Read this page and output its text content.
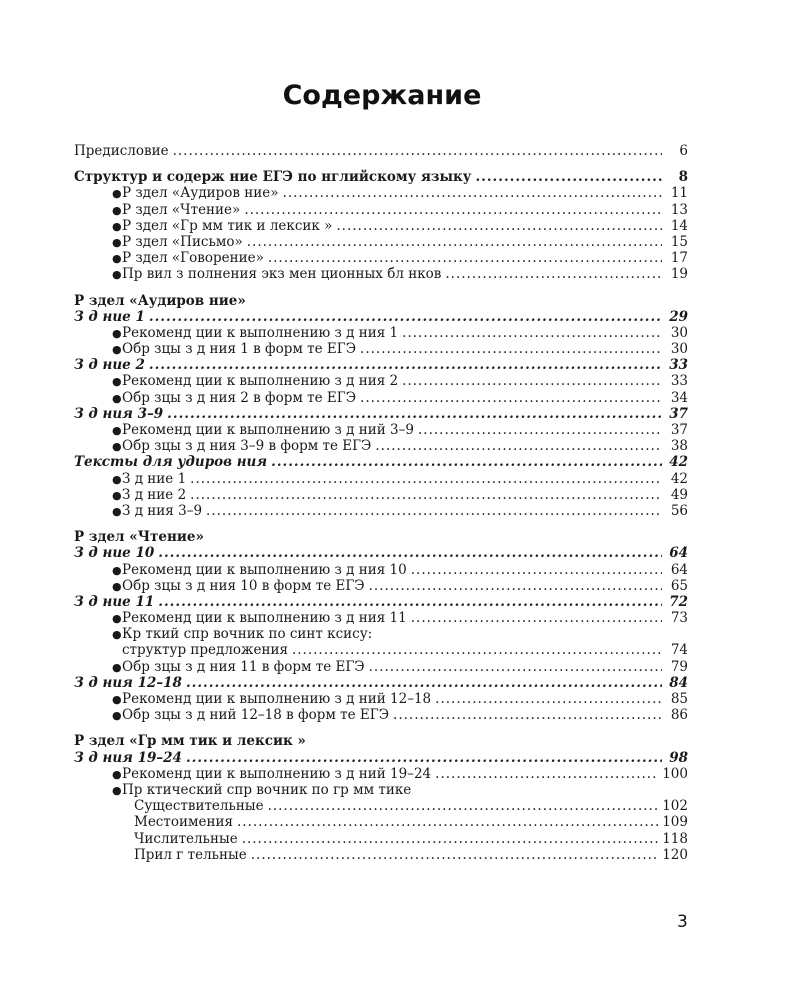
Содержание
Предисловие .....	6
Структур и содерж ние ЕГЭ по нглийскому языку .....	8
●Р здел «Аудиров ние» .....	11
●Р здел «Чтение» .....	13
●Р здел «Гр мм тик и лексик » .....	14
●Р здел «Письмо» .....	15
●Р здел «Говорение» .....	17
●Пр вил з полнения экз мен ционных бл нков .....	19
Р здел «Аудиров ние»
З д ние 1 .....	29
●Рекоменд ции к выполнению з д ния 1 .....	30
●Обр зцы з д ния 1 в форм те ЕГЭ .....	30
З д ние 2 .....	33
●Рекоменд ции к выполнению з д ния 2 .....	33
●Обр зцы з д ния 2 в форм те ЕГЭ .....	34
З д ния 3–9 .....	37
●Рекоменд ции к выполнению з д ний 3–9 .....	37
●Обр зцы з д ния 3–9 в форм те ЕГЭ .....	38
Тексты для удиров ния .....	42
●З д ние 1 .....	42
●З д ние 2 .....	49
●З д ния 3–9 .....	56
Р здел «Чтение»
З д ние 10 .....	64
●Рекоменд ции к выполнению з д ния 10 .....	64
●Обр зцы з д ния 10 в форм те ЕГЭ .....	65
З д ние 11 .....	72
●Рекоменд ции к выполнению з д ния 11 .....	73
●Кр ткий спр вочник по синт ксису:
структур предложения .....	74
●Обр зцы з д ния 11 в форм те ЕГЭ .....	79
З д ния 12–18 .....	84
●Рекоменд ции к выполнению з д ний 12–18 .....	85
●Обр зцы з д ний 12–18 в форм те ЕГЭ .....	86
Р здел «Гр мм тик и лексик »
З д ния 19–24 .....	98
●Рекоменд ции к выполнению з д ний 19–24 .....	100
●Пр ктический спр вочник по гр мм тике
Существительные .....	102
Местоимения .....	109
Числительные .....	118
Прил г тельные .....	120
3
